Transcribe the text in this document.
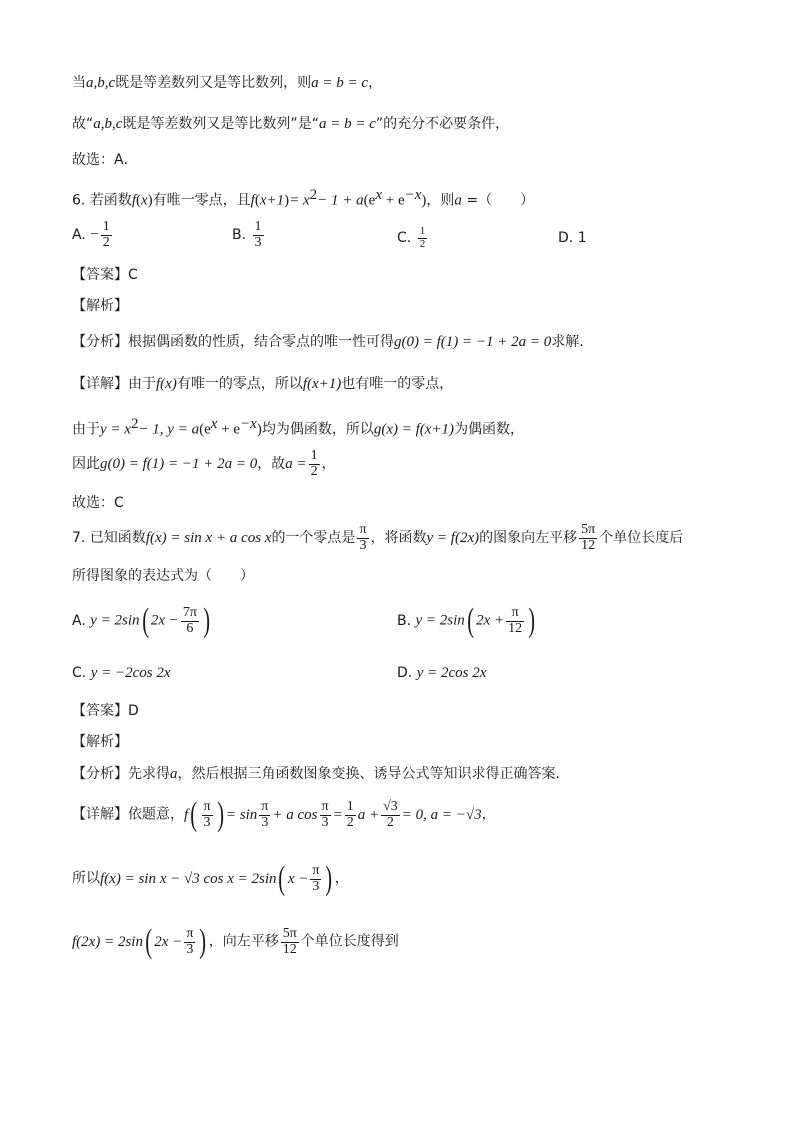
当a,b,c既是等差数列又是等比数列，则a = b = c，
故“a,b,c既是等差数列又是等比数列”是“a = b = c”的充分不必要条件，
故选：A．
6. 若函数f(x)有唯一零点，且$f(x+1)= x^2- 1 + a(e^x + e^{-x})$，则a =（　　）
A. − $\frac{1}{2}$	B. $\frac{1}{3}$	C. $\frac{1}{2}$	D. 1
【答案】C
【解析】
【分析】根据偶函数的性质，结合零点的唯一性可得g(0) = f(1) = −1 + 2a = 0求解.
【详解】由于f(x)有唯一的零点，所以f(x+1)也有唯一的零点，
由于$y = x^2- 1$, $y = a(e^x + e^{-x})$均为偶函数，所以g(x) = f(x+1)为偶函数，
因此g(0) = f(1) = −1 + 2a = 0，故$a = \frac{1}{2}$ ，
故选：C
7. 已知函数f(x) = sin x + a cos x的一个零点是 $\frac{\pi}{3}$ ，将函数y = f(2x)的图象向左平移 $\frac{5\pi}{12}$ 个单位长度后
所得图象的表达式为（　　）
A. y = 2sin( $2x - \frac{7\pi}{6}$ )	B. y = 2sin( $2x + \frac{\pi}{12}$ )
C. y = −2cos 2x	D. y = 2cos 2x
【答案】D
【解析】
【分析】先求得a，然后根据三角函数图象变换、诱导公式等知识求得正确答案.
【详解】依题意，$f( \frac{\pi}{3}$ ) = $\sin \frac{\pi}{3} + a$ $\cos \frac{\pi}{3} = \frac{1}{2}$ $a + \frac{√3}{2} = 0$, a = −√3，
所以f(x) = sin x − √3 cos x = 2sin( $x - \frac{\pi}{3}$ ) ，
f(2x) = 2sin( $2x - \frac{\pi}{3}$ ) ，向左平移 $\frac{5\pi}{12}$ 个单位长度得到
